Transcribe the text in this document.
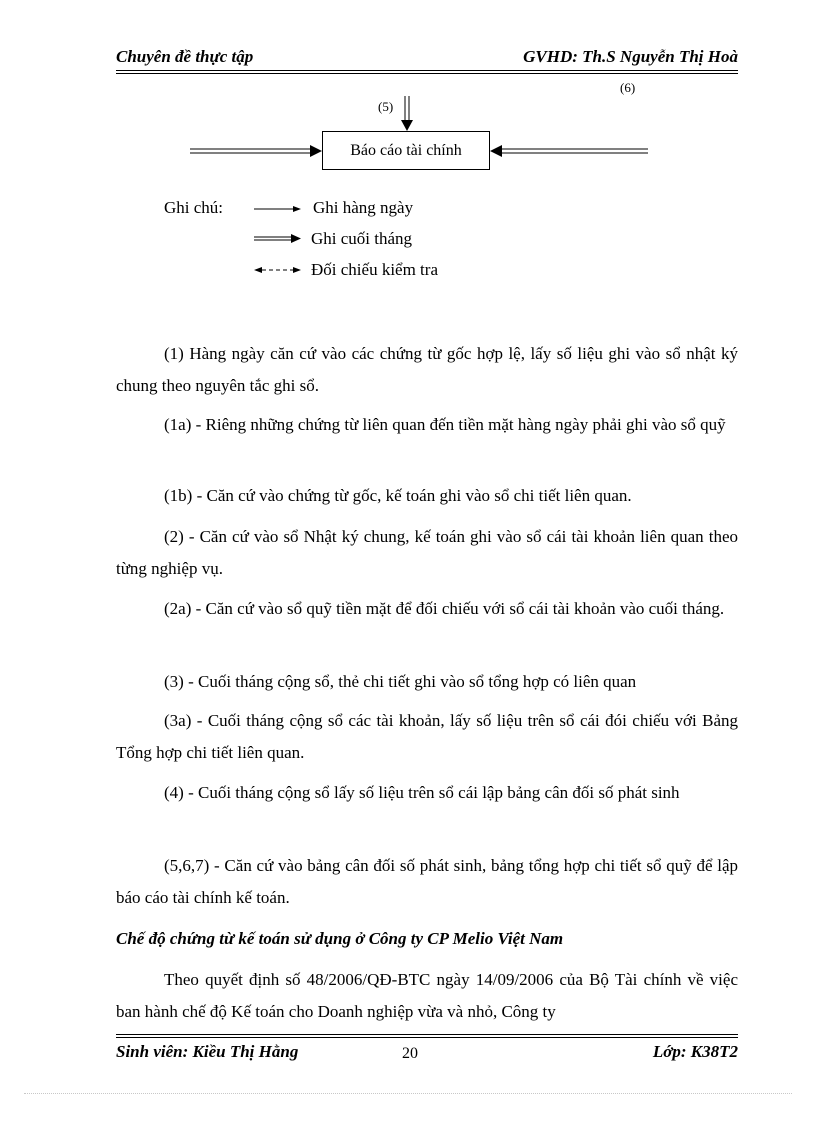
Chuyên đề thực tập	GVHD: Th.S Nguyễn Thị Hoà
(5)
(6)
Báo cáo tài chính
Ghi chú:	Ghi hàng ngày
Ghi cuối tháng
Đối chiếu kiểm tra
(1) Hàng ngày căn cứ vào các chứng từ gốc hợp lệ, lấy số liệu ghi vào sổ nhật ký chung theo nguyên tắc ghi sổ.
(1a) - Riêng những chứng từ liên quan đến tiền mặt hàng ngày phải ghi vào sổ quỹ
(1b) - Căn cứ vào chứng từ gốc, kế toán ghi vào sổ chi tiết liên quan.
(2) - Căn cứ vào sổ Nhật ký chung, kế toán ghi vào sổ cái tài khoản liên quan theo từng nghiệp vụ.
(2a) - Căn cứ vào sổ quỹ tiền mặt để đối chiếu với sổ cái tài khoản vào cuối tháng.
(3) - Cuối tháng cộng sổ, thẻ chi tiết ghi vào sổ tổng hợp có liên quan
(3a) - Cuối tháng cộng sổ các tài khoản, lấy số liệu trên sổ cái đói chiếu với Bảng Tổng hợp chi tiết liên quan.
(4) - Cuối tháng cộng sổ lấy số liệu trên sổ cái lập bảng cân đối số phát sinh
(5,6,7) - Căn cứ vào bảng cân đối số phát sinh, bảng tổng hợp chi tiết sổ quỹ để lập báo cáo tài chính kế toán.
Chế độ chứng từ kế toán sử dụng ở Công ty CP Melio Việt Nam
Theo quyết định số 48/2006/QĐ-BTC ngày 14/09/2006 của Bộ Tài chính về việc ban hành chế độ Kế toán cho Doanh nghiệp vừa và nhỏ, Công ty
Sinh viên: Kiều Thị Hằng	20	Lớp: K38T2
